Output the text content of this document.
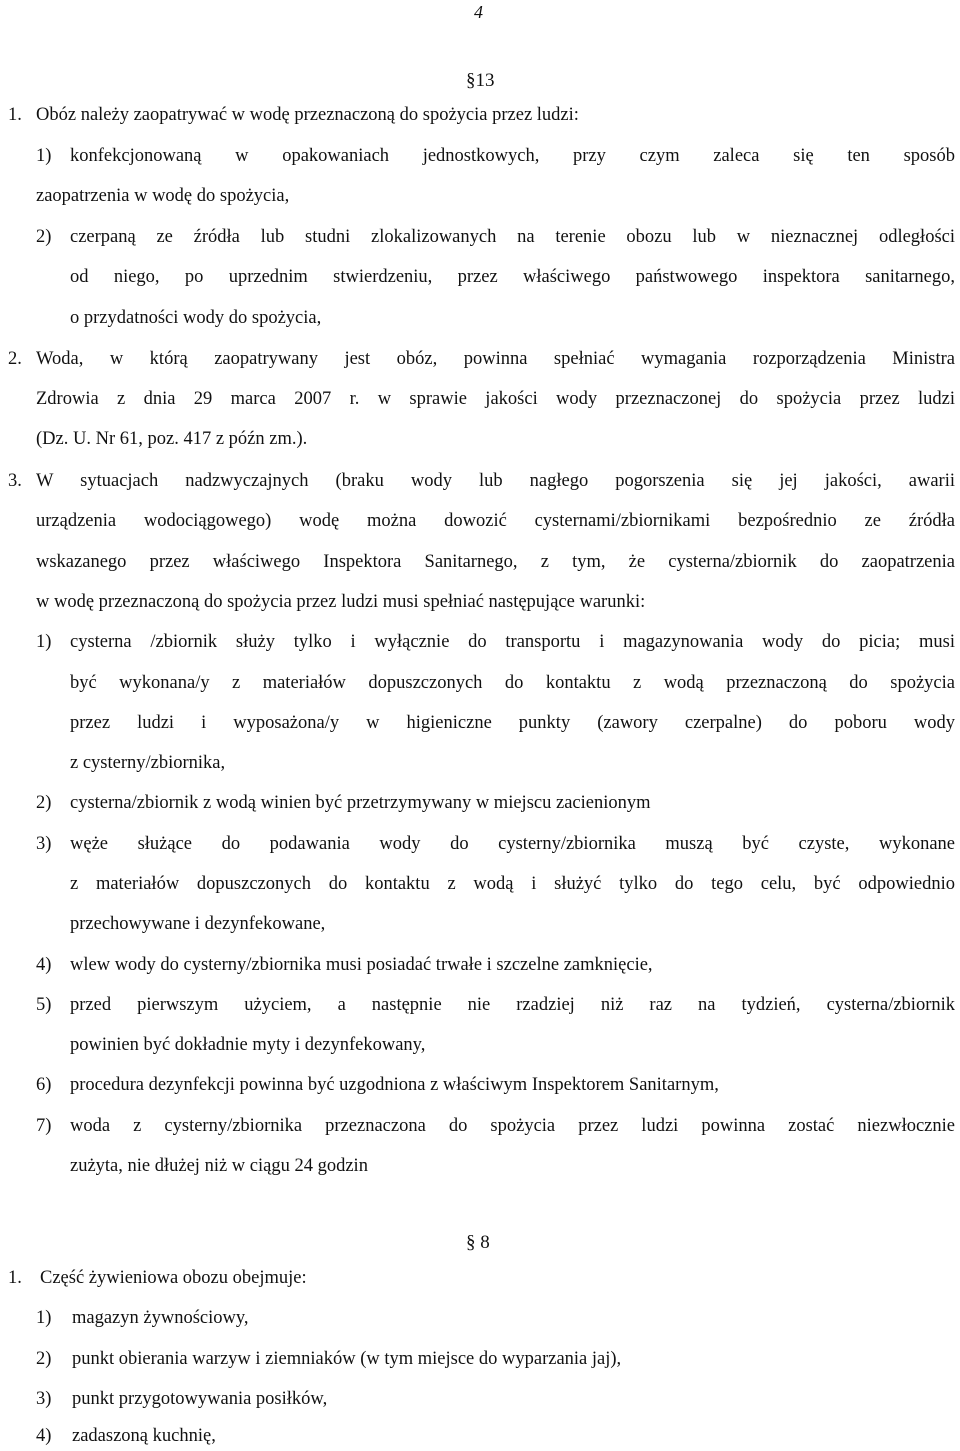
4
§13
1. Obóz należy zaopatrywać w wodę przeznaczoną do spożycia przez ludzi:
1) konfekcjonowaną w opakowaniach jednostkowych, przy czym zaleca się ten sposób
zaopatrzenia w wodę do spożycia,
2) czerpaną ze źródła lub studni zlokalizowanych na terenie obozu lub w nieznacznej odległości
od niego, po uprzednim stwierdzeniu, przez właściwego państwowego inspektora sanitarnego,
o przydatności wody do spożycia,
2. Woda, w którą zaopatrywany jest obóz, powinna spełniać wymagania rozporządzenia Ministra
Zdrowia z dnia 29 marca 2007 r. w sprawie jakości wody przeznaczonej do spożycia przez ludzi
(Dz. U. Nr 61, poz. 417 z późn zm.).
3. W sytuacjach nadzwyczajnych (braku wody lub nagłego pogorszenia się jej jakości, awarii
urządzenia wodociągowego) wodę można dowozić cysternami/zbiornikami bezpośrednio ze źródła
wskazanego przez właściwego Inspektora Sanitarnego, z tym, że cysterna/zbiornik do zaopatrzenia
w wodę przeznaczoną do spożycia przez ludzi musi spełniać następujące warunki:
1) cysterna /zbiornik służy tylko i wyłącznie do transportu i magazynowania wody do picia; musi
być wykonana/y z materiałów dopuszczonych do kontaktu z wodą przeznaczoną do spożycia
przez ludzi i wyposażona/y w higieniczne punkty (zawory czerpalne) do poboru wody
z cysterny/zbiornika,
2) cysterna/zbiornik z wodą winien być przetrzymywany w miejscu zacienionym
3) węże służące do podawania wody do cysterny/zbiornika muszą być czyste, wykonane
z materiałów dopuszczonych do kontaktu z wodą i służyć tylko do tego celu, być odpowiednio
przechowywane i dezynfekowane,
4) wlew wody do cysterny/zbiornika musi posiadać trwałe i szczelne zamknięcie,
5) przed pierwszym użyciem, a następnie nie rzadziej niż raz na tydzień, cysterna/zbiornik
powinien być dokładnie myty i dezynfekowany,
6) procedura dezynfekcji powinna być uzgodniona z właściwym Inspektorem Sanitarnym,
7) woda z cysterny/zbiornika przeznaczona do spożycia przez ludzi powinna zostać niezwłocznie
zużyta, nie dłużej niż w ciągu 24 godzin
§ 8
1. Część żywieniowa obozu obejmuje:
1) magazyn żywnościowy,
2) punkt obierania warzyw i ziemniaków (w tym miejsce do wyparzania jaj),
3) punkt przygotowywania posiłków,
4) zadaszoną kuchnię,
